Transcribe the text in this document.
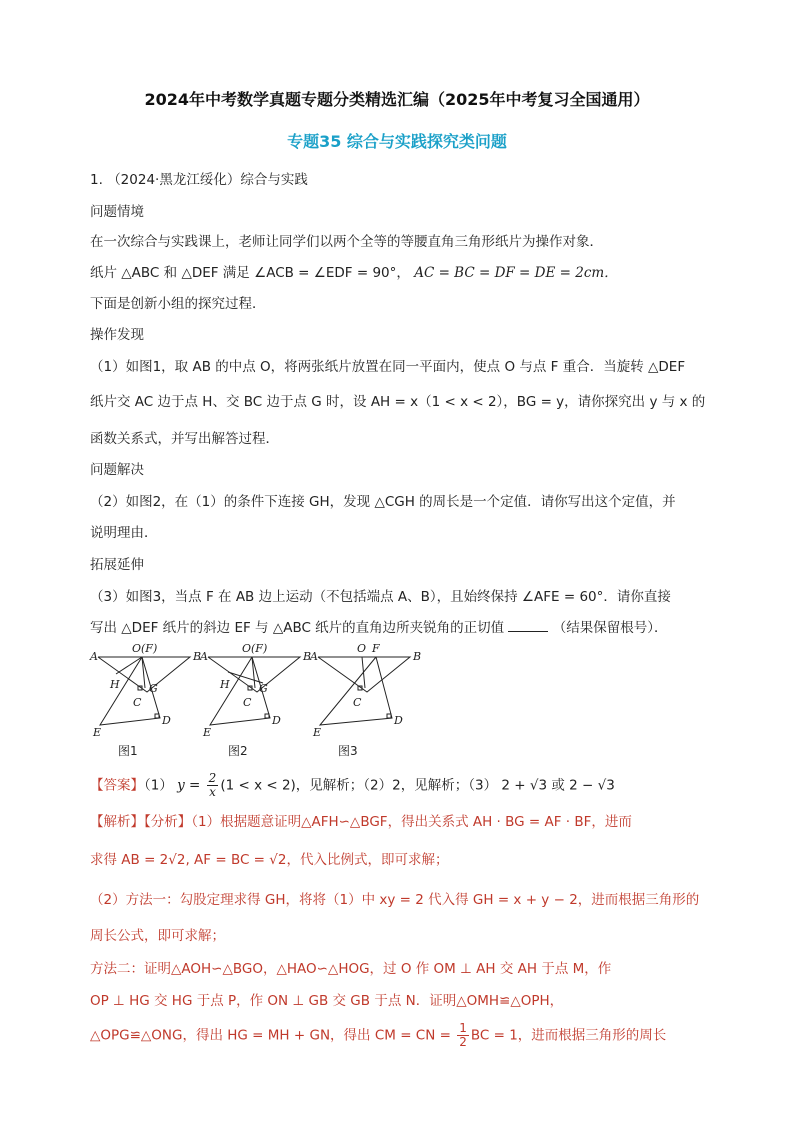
2024年中考数学真题专题分类精选汇编（2025年中考复习全国通用）
专题35 综合与实践探究类问题
1. （2024·黑龙江绥化）综合与实践
问题情境
在一次综合与实践课上，老师让同学们以两个全等的等腰直角三角形纸片为操作对象．
纸片 △ABC 和 △DEF 满足 ∠ACB = ∠EDF = 90°， AC = BC = DF = DE = 2cm．
下面是创新小组的探究过程．
操作发现
（1）如图1，取 AB 的中点 O，将两张纸片放置在同一平面内，使点 O 与点 F 重合．当旋转 △DEF
纸片交 AC 边于点 H、交 BC 边于点 G 时，设 AH = x（1 < x < 2），BG = y，请你探究出 y 与 x 的
函数关系式，并写出解答过程．
问题解决
（2）如图2，在（1）的条件下连接 GH，发现 △CGH 的周长是一个定值．请你写出这个定值，并
说明理由．
拓展延伸
（3）如图3，当点 F 在 AB 边上运动（不包括端点 A、B），且始终保持 ∠AFE = 60°．请你直接
写出 △DEF 纸片的斜边 EF 与 △ABC 纸片的直角边所夹锐角的正切值	（结果保留根号）．
A	B
O(F)
H	G
C
D
E
A	B
O(F)
H	G
C
D
E
A	B
O F
C
D
E
图1	图2	图3
【答案】（1） $y = \frac{2}{x} (1 < x < 2)$，见解析；（2）2，见解析；（3） 2 + √3 或 2 − √3
【解析】【分析】（1）根据题意证明△AFH∽△BGF，得出关系式 AH · BG = AF · BF，进而
求得 AB = 2√2, AF = BC = √2，代入比例式，即可求解；
（2）方法一：勾股定理求得 GH，将将（1）中 xy = 2 代入得 GH = x + y − 2，进而根据三角形的
周长公式，即可求解；
方法二：证明△AOH∽△BGO，△HAO∽△HOG，过 O 作 OM ⊥ AH 交 AH 于点 M，作
OP ⊥ HG 交 HG 于点 P，作 ON ⊥ GB 交 GB 于点 N．证明△OMH≌△OPH，
△OPG≌△ONG，得出 HG = MH + GN，得出 CM = CN = $\frac{1}{2}$ BC = 1，进而根据三角形的周长
